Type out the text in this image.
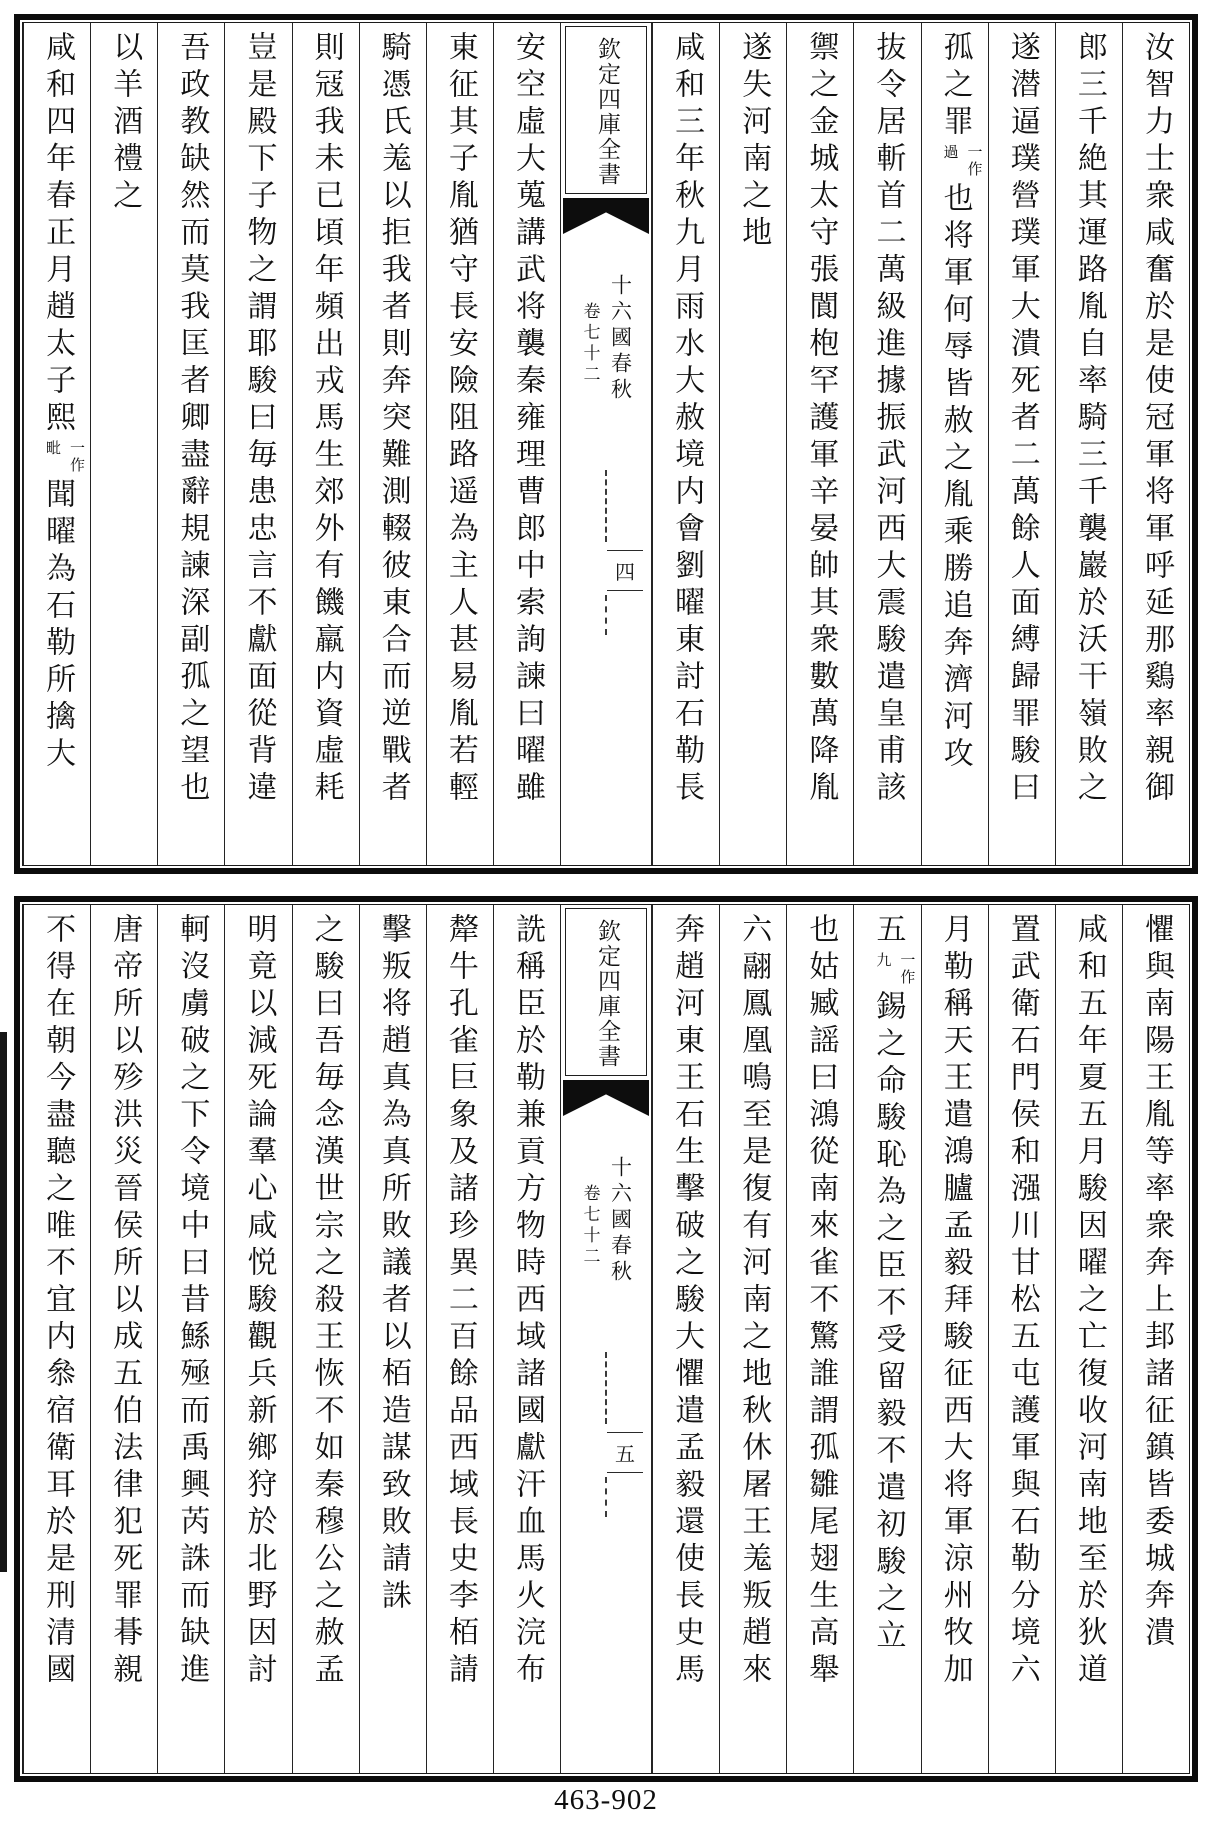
汝智力士衆咸奮於是使冠軍将軍呼延那鷄率親御
郎三千絶其運路胤自率騎三千襲巖於沃干嶺敗之
遂潜逼璞營璞軍大潰死者二萬餘人面縛歸罪駿曰
孤之罪
一作
過
也将軍何辱皆赦之胤乘勝追奔濟河攻
抜令居斬首二萬級進據振武河西大震駿遣皇甫該
禦之金城太守張閬枹罕護軍辛晏帥其衆數萬降胤
遂失河南之地
咸和三年秋九月雨水大赦境内會劉曜東討石勒長
欽定四庫全書
十六國春秋
卷七十二
四
安空虛大蒐講武将襲秦雍理曹郎中索詢諫曰曜雖
東征其子胤猶守長安險阻路遥為主人甚易胤若輕
騎憑氏羗以拒我者則奔突難測輟彼東合而逆戰者
則冦我未已頃年頻出戎馬生郊外有饑羸内資虛耗
豈是殿下子物之謂耶駿曰毎患忠言不獻面從背違
吾政教缺然而莫我匡者卿盡辭規諫深副孤之望也
以羊酒禮之
咸和四年春正月趙太子熙
一作
毗
聞曜為石勒所擒大
懼與南陽王胤等率衆奔上邽諸征鎮皆委城奔潰
咸和五年夏五月駿因曜之亡復收河南地至於狄道
置武衛石門侯和漒川甘松五屯護軍與石勒分境六
月勒稱天王遣鴻臚孟毅拜駿征西大将軍涼州牧加
五
一作
九
錫之命駿恥為之臣不受留毅不遣初駿之立
也姑臧謡曰鴻從南來雀不驚誰謂孤雛尾翅生高舉
六翮鳳凰鳴至是復有河南之地秋休屠王羗叛趙來
奔趙河東王石生擊破之駿大懼遣孟毅還使長史馬
欽定四庫全書
十六國春秋
卷七十二
五
詵稱臣於勒兼貢方物時西域諸國獻汗血馬火浣布
犛牛孔雀巨象及諸珍異二百餘品西域長史李栢請
擊叛将趙真為真所敗議者以栢造謀致敗請誅
之駿曰吾毎念漢世宗之殺王恢不如秦穆公之赦孟
明竟以減死論羣心咸悦駿觀兵新鄉狩於北野因討
軻沒虜破之下令境中曰昔鯀殛而禹興芮誅而缺進
唐帝所以殄洪災晉侯所以成五伯法律犯死罪朞親
不得在朝今盡聽之唯不宜内叅宿衛耳於是刑清國
463-902
